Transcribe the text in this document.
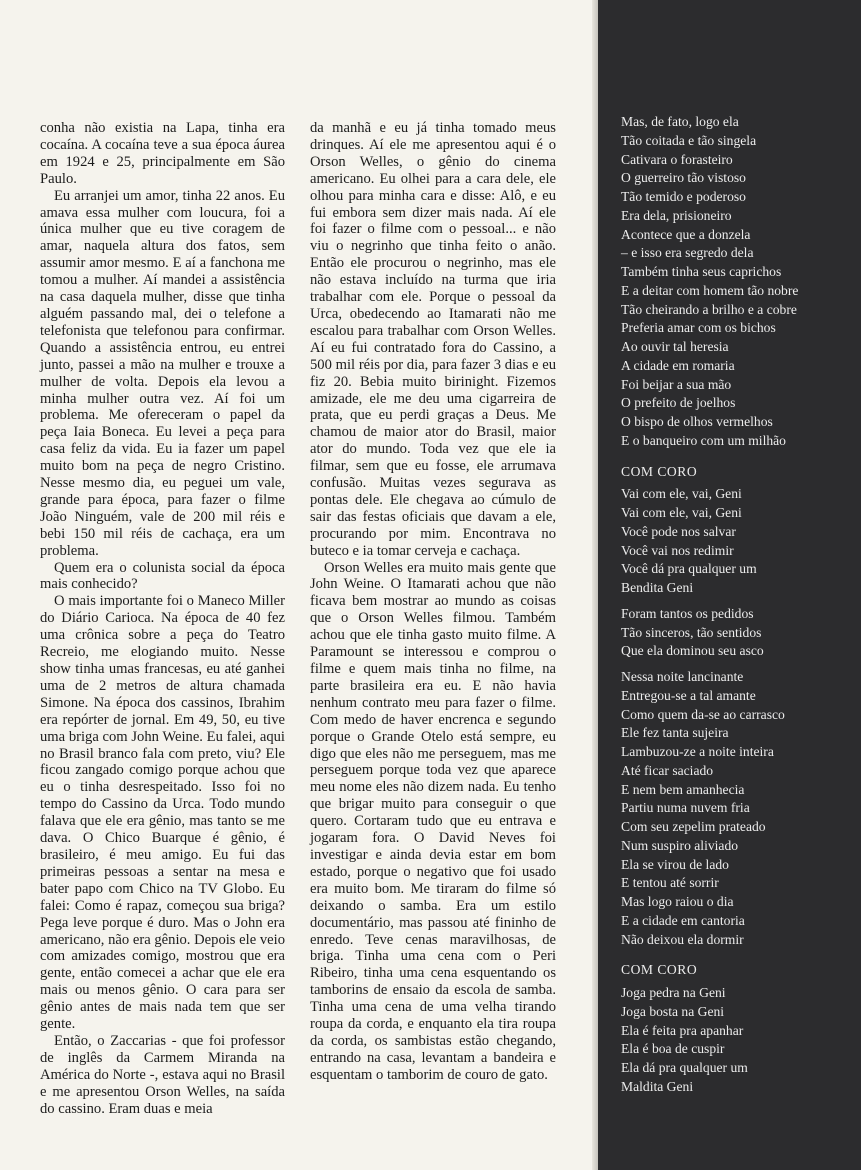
conha não existia na Lapa, tinha era cocaína. A cocaína teve a sua época áurea em 1924 e 25, principalmente em São Paulo.

Eu arranjei um amor, tinha 22 anos. Eu amava essa mulher com loucura, foi a única mulher que eu tive coragem de amar, naquela altura dos fatos, sem assumir amor mesmo. E aí a fanchona me tomou a mulher. Aí mandei a assistência na casa daquela mulher, disse que tinha alguém passando mal, dei o telefone a telefonista que telefonou para confirmar. Quando a assistência entrou, eu entrei junto, passei a mão na mulher e trouxe a mulher de volta. Depois ela levou a minha mulher outra vez. Aí foi um problema. Me ofereceram o papel da peça Iaia Boneca. Eu levei a peça para casa feliz da vida. Eu ia fazer um papel muito bom na peça de negro Cristino. Nesse mesmo dia, eu peguei um vale, grande para época, para fazer o filme João Ninguém, vale de 200 mil réis e bebi 150 mil réis de cachaça, era um problema.

Quem era o colunista social da época mais conhecido?

O mais importante foi o Maneco Miller do Diário Carioca. Na época de 40 fez uma crônica sobre a peça do Teatro Recreio, me elogiando muito. Nesse show tinha umas francesas, eu até ganhei uma de 2 metros de altura chamada Simone. Na época dos cassinos, Ibrahim era repórter de jornal. Em 49, 50, eu tive uma briga com John Weine. Eu falei, aqui no Brasil branco fala com preto, viu? Ele ficou zangado comigo porque achou que eu o tinha desrespeitado. Isso foi no tempo do Cassino da Urca. Todo mundo falava que ele era gênio, mas tanto se me dava. O Chico Buarque é gênio, é brasileiro, é meu amigo. Eu fui das primeiras pessoas a sentar na mesa e bater papo com Chico na TV Globo. Eu falei: Como é rapaz, começou sua briga? Pega leve porque é duro. Mas o John era americano, não era gênio. Depois ele veio com amizades comigo, mostrou que era gente, então comecei a achar que ele era mais ou menos gênio. O cara para ser gênio antes de mais nada tem que ser gente.

Então, o Zaccarias - que foi professor de inglês da Carmem Miranda na América do Norte -, estava aqui no Brasil e me apresentou Orson Welles, na saída do cassino. Eram duas e meia

da manhã e eu já tinha tomado meus drinques. Aí ele me apresentou aqui é o Orson Welles, o gênio do cinema americano. Eu olhei para a cara dele, ele olhou para minha cara e disse: Alô, e eu fui embora sem dizer mais nada. Aí ele foi fazer o filme com o pessoal... e não viu o negrinho que tinha feito o anão. Então ele procurou o negrinho, mas ele não estava incluído na turma que iria trabalhar com ele. Porque o pessoal da Urca, obedecendo ao Itamarati não me escalou para trabalhar com Orson Welles. Aí eu fui contratado fora do Cassino, a 500 mil réis por dia, para fazer 3 dias e eu fiz 20. Bebia muito birinight. Fizemos amizade, ele me deu uma cigarreira de prata, que eu perdi graças a Deus. Me chamou de maior ator do Brasil, maior ator do mundo. Toda vez que ele ia filmar, sem que eu fosse, ele arrumava confusão. Muitas vezes segurava as pontas dele. Ele chegava ao cúmulo de sair das festas oficiais que davam a ele, procurando por mim. Encontrava no buteco e ia tomar cerveja e cachaça.

Orson Welles era muito mais gente que John Weine. O Itamarati achou que não ficava bem mostrar ao mundo as coisas que o Orson Welles filmou. Também achou que ele tinha gasto muito filme. A Paramount se interessou e comprou o filme e quem mais tinha no filme, na parte brasileira era eu. E não havia nenhum contrato meu para fazer o filme. Com medo de haver encrenca e segundo porque o Grande Otelo está sempre, eu digo que eles não me perseguem, mas me perseguem porque toda vez que aparece meu nome eles não dizem nada. Eu tenho que brigar muito para conseguir o que quero. Cortaram tudo que eu entrava e jogaram fora. O David Neves foi investigar e ainda devia estar em bom estado, porque o negativo que foi usado era muito bom. Me tiraram do filme só deixando o samba. Era um estilo documentário, mas passou até fininho de enredo. Teve cenas maravilhosas, de briga. Tinha uma cena com o Peri Ribeiro, tinha uma cena esquentando os tamborins de ensaio da escola de samba. Tinha uma cena de uma velha tirando roupa da corda, e enquanto ela tira roupa da corda, os sambistas estão chegando, entrando na casa, levantam a bandeira e esquentam o tamborim de couro de gato.

Mas, de fato, logo ela
Tão coitada e tão singela
Cativara o forasteiro
O guerreiro tão vistoso
Tão temido e poderoso
Era dela, prisioneiro
Acontece que a donzela
– e isso era segredo dela
Também tinha seus caprichos
E a deitar com homem tão nobre
Tão cheirando a brilho e a cobre
Preferia amar com os bichos
Ao ouvir tal heresia
A cidade em romaria
Foi beijar a sua mão
O prefeito de joelhos
O bispo de olhos vermelhos
E o banqueiro com um milhão
COM CORO
Vai com ele, vai, Geni
Vai com ele, vai, Geni
Você pode nos salvar
Você vai nos redimir
Você dá pra qualquer um
Bendita Geni
Foram tantos os pedidos
Tão sinceros, tão sentidos
Que ela dominou seu asco
Nessa noite lancinante
Entregou-se a tal amante
Como quem da-se ao carrasco
Ele fez tanta sujeira
Lambuzou-ze a noite inteira
Até ficar saciado
E nem bem amanhecia
Partiu numa nuvem fria
Com seu zepelim prateado
Num suspiro aliviado
Ela se virou de lado
E tentou até sorrir
Mas logo raiou o dia
E a cidade em cantoria
Não deixou ela dormir
COM CORO
Joga pedra na Geni
Joga bosta na Geni
Ela é feita pra apanhar
Ela é boa de cuspir
Ela dá pra qualquer um
Maldita Geni
